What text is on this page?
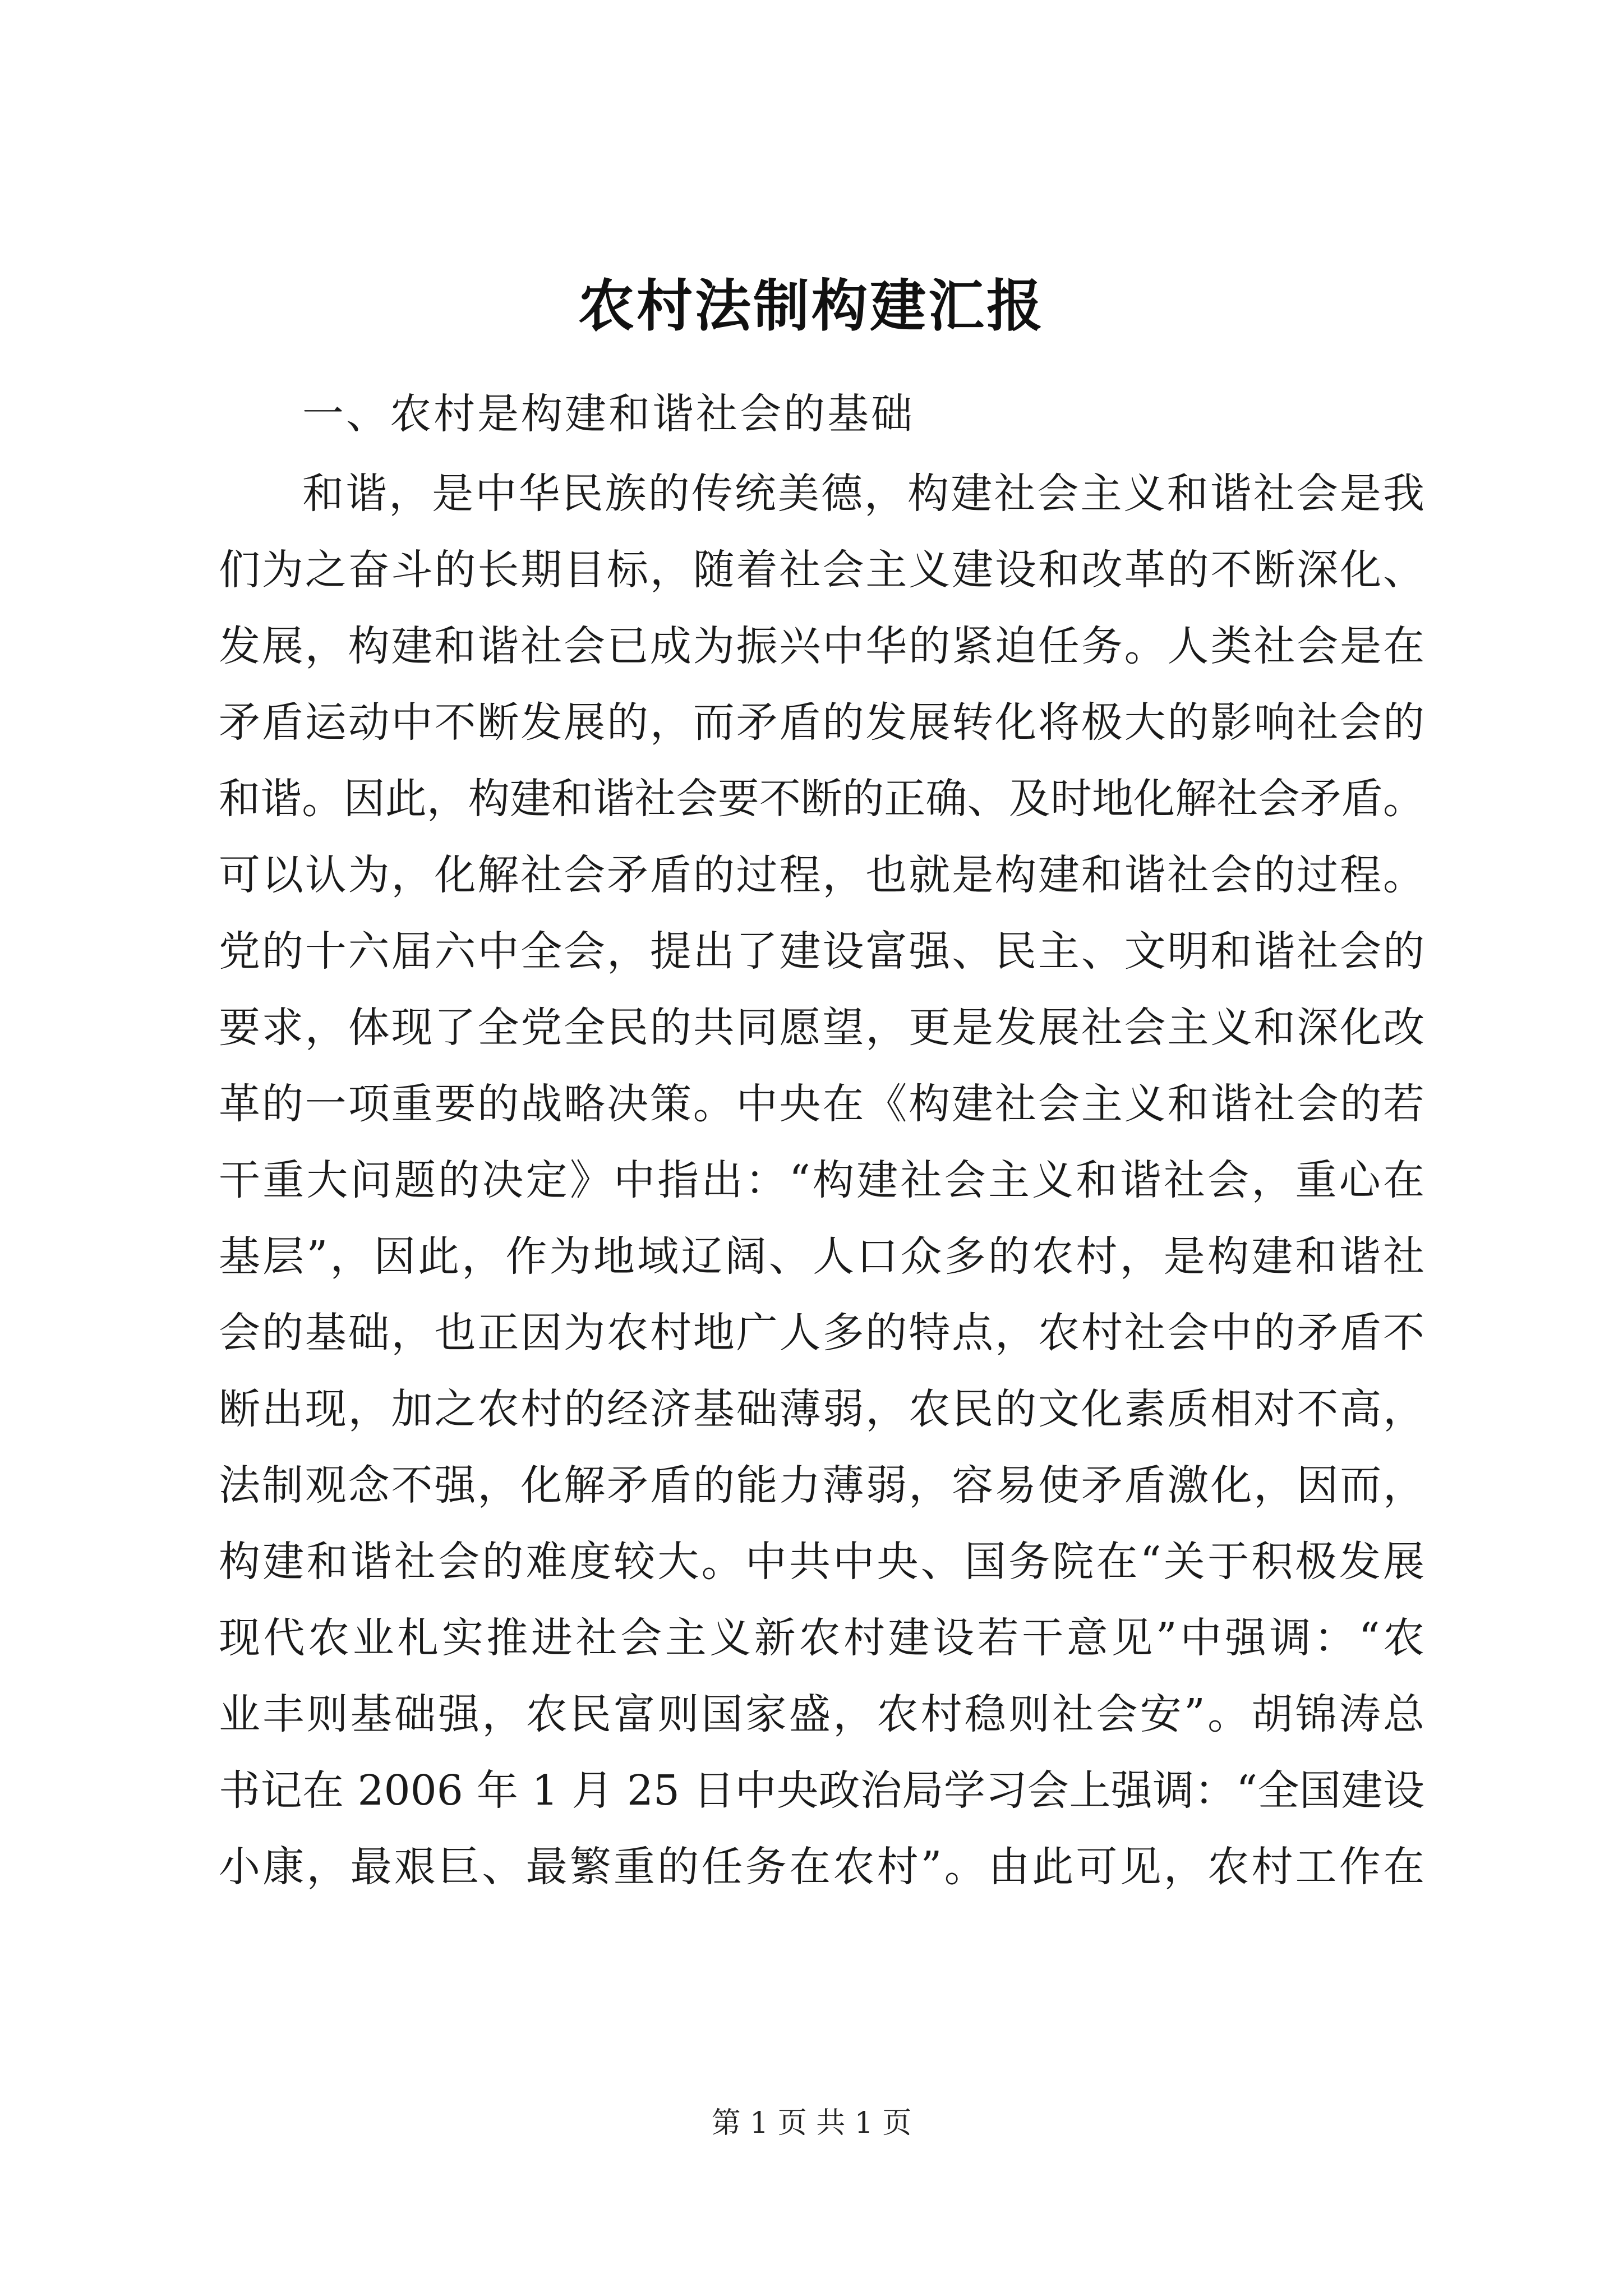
农村法制构建汇报
一、农村是构建和谐社会的基础
和谐，是中华民族的传统美德，构建社会主义和谐社会是我
们为之奋斗的长期目标，随着社会主义建设和改革的不断深化、
发展，构建和谐社会已成为振兴中华的紧迫任务。人类社会是在
矛盾运动中不断发展的，而矛盾的发展转化将极大的影响社会的
和谐。因此，构建和谐社会要不断的正确、及时地化解社会矛盾。
可以认为，化解社会矛盾的过程，也就是构建和谐社会的过程。
党的十六届六中全会，提出了建设富强、民主、文明和谐社会的
要求，体现了全党全民的共同愿望，更是发展社会主义和深化改
革的一项重要的战略决策。中央在《构建社会主义和谐社会的若
干重大问题的决定》中指出：“构建社会主义和谐社会，重心在
基层”，因此，作为地域辽阔、人口众多的农村，是构建和谐社
会的基础，也正因为农村地广人多的特点，农村社会中的矛盾不
断出现，加之农村的经济基础薄弱，农民的文化素质相对不高，
法制观念不强，化解矛盾的能力薄弱，容易使矛盾激化，因而，
构建和谐社会的难度较大。中共中央、国务院在“关于积极发展
现代农业札实推进社会主义新农村建设若干意见”中强调：“农
业丰则基础强，农民富则国家盛，农村稳则社会安”。胡锦涛总
书记在 2006 年 1 月 25 日中央政治局学习会上强调：“全国建设
小康，最艰巨、最繁重的任务在农村”。由此可见，农村工作在
第 1 页 共 1 页
